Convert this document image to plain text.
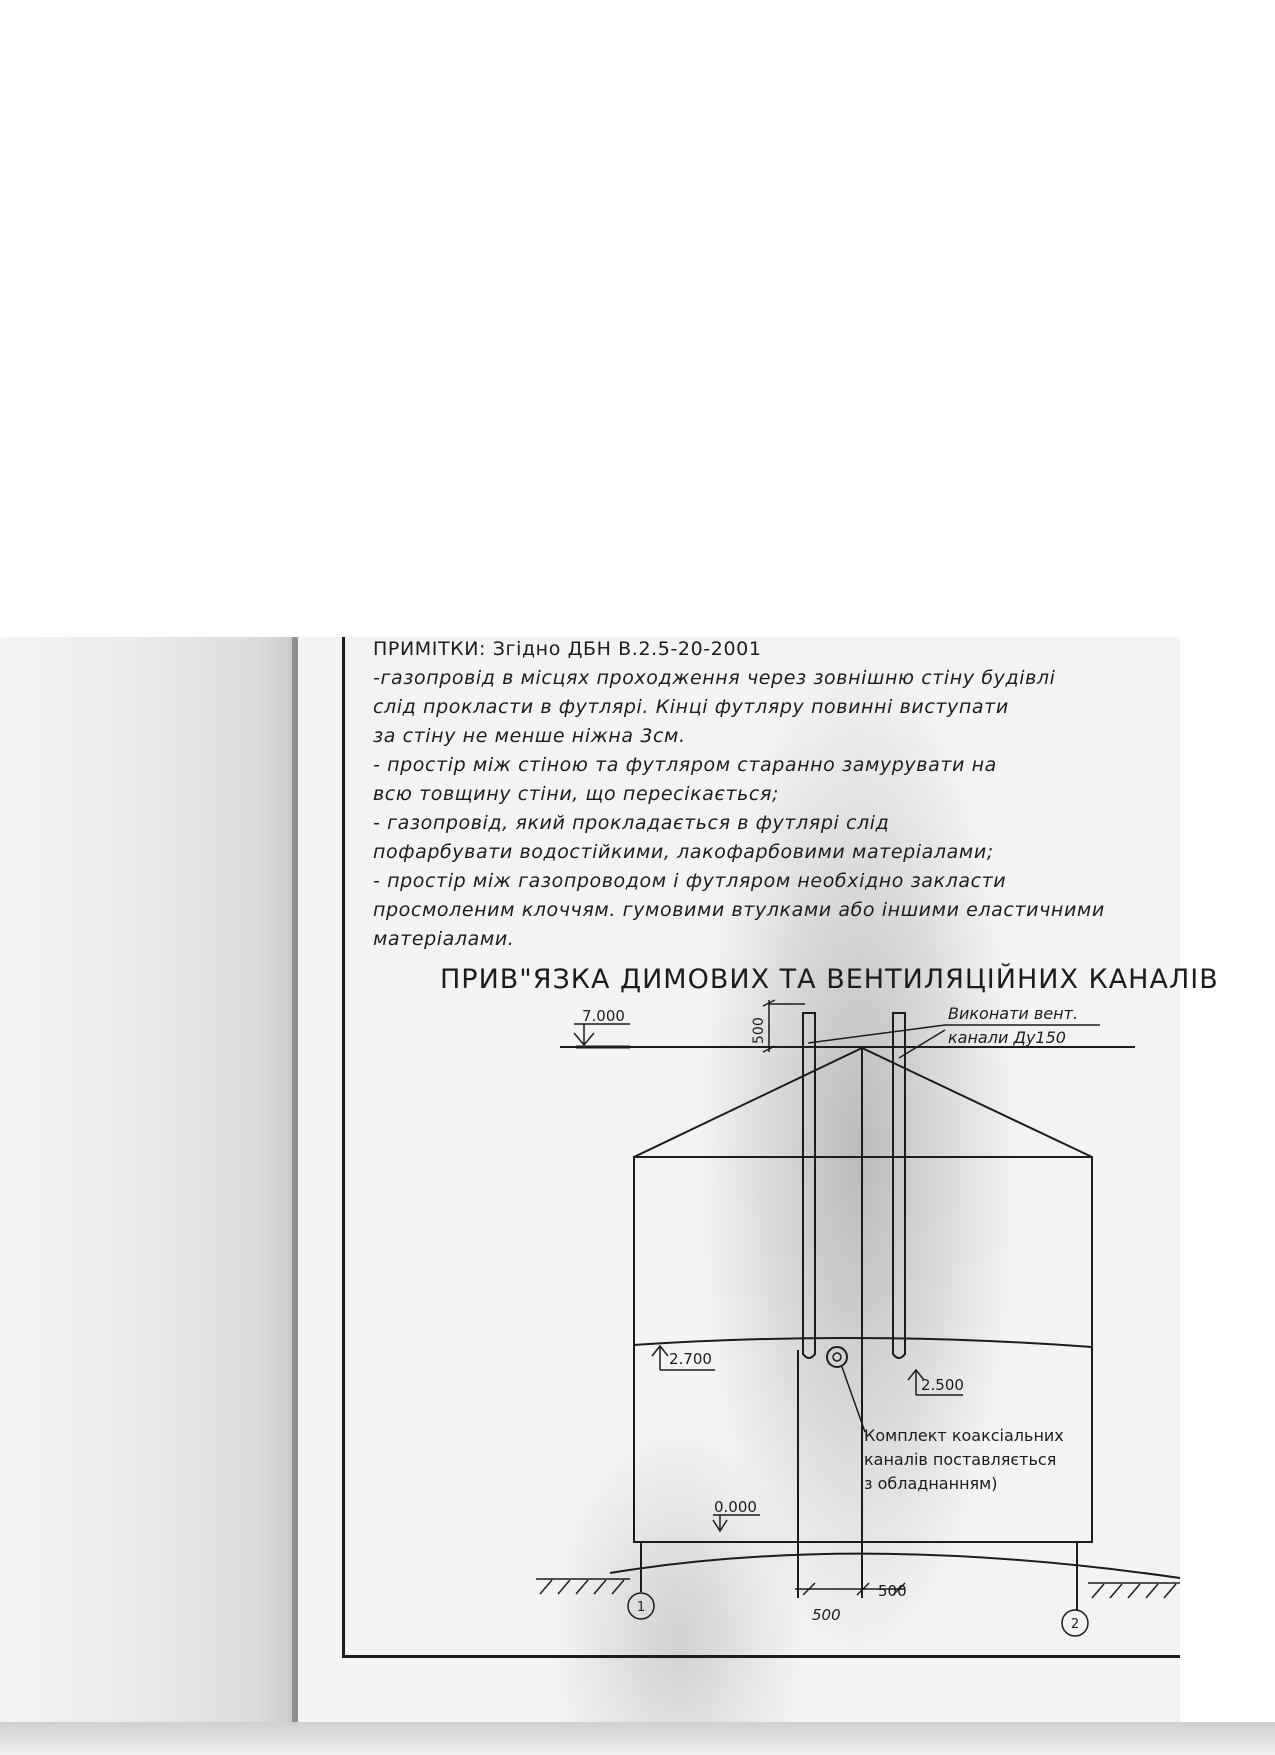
ПРИМІТКИ: Згідно ДБН В.2.5-20-2001
-газопровід в місцях проходження через зовнішню стіну будівлі
слід прокласти в футлярі. Кінці футляру повинні виступати
за стіну не менше ніжна 3см.
- простір між стіною та футляром старанно замурувати на
всю товщину стіни, що пересікається;
- газопровід, який прокладається в футлярі слід
пофарбувати водостійкими, лакофарбовими матеріалами;
- простір між газопроводом і футляром необхідно закласти
просмоленим клоччям. гумовими втулками або іншими еластичними
матеріалами.
ПРИВ"ЯЗКА ДИМОВИХ ТА ВЕНТИЛЯЦІЙНИХ КАНАЛІВ
Виконати вент.
канали Ду150
Комплект коаксіальних
каналів поставляється
з обладнанням)
7.000
500
2.700
2.500
0.000
500
500
1
2
